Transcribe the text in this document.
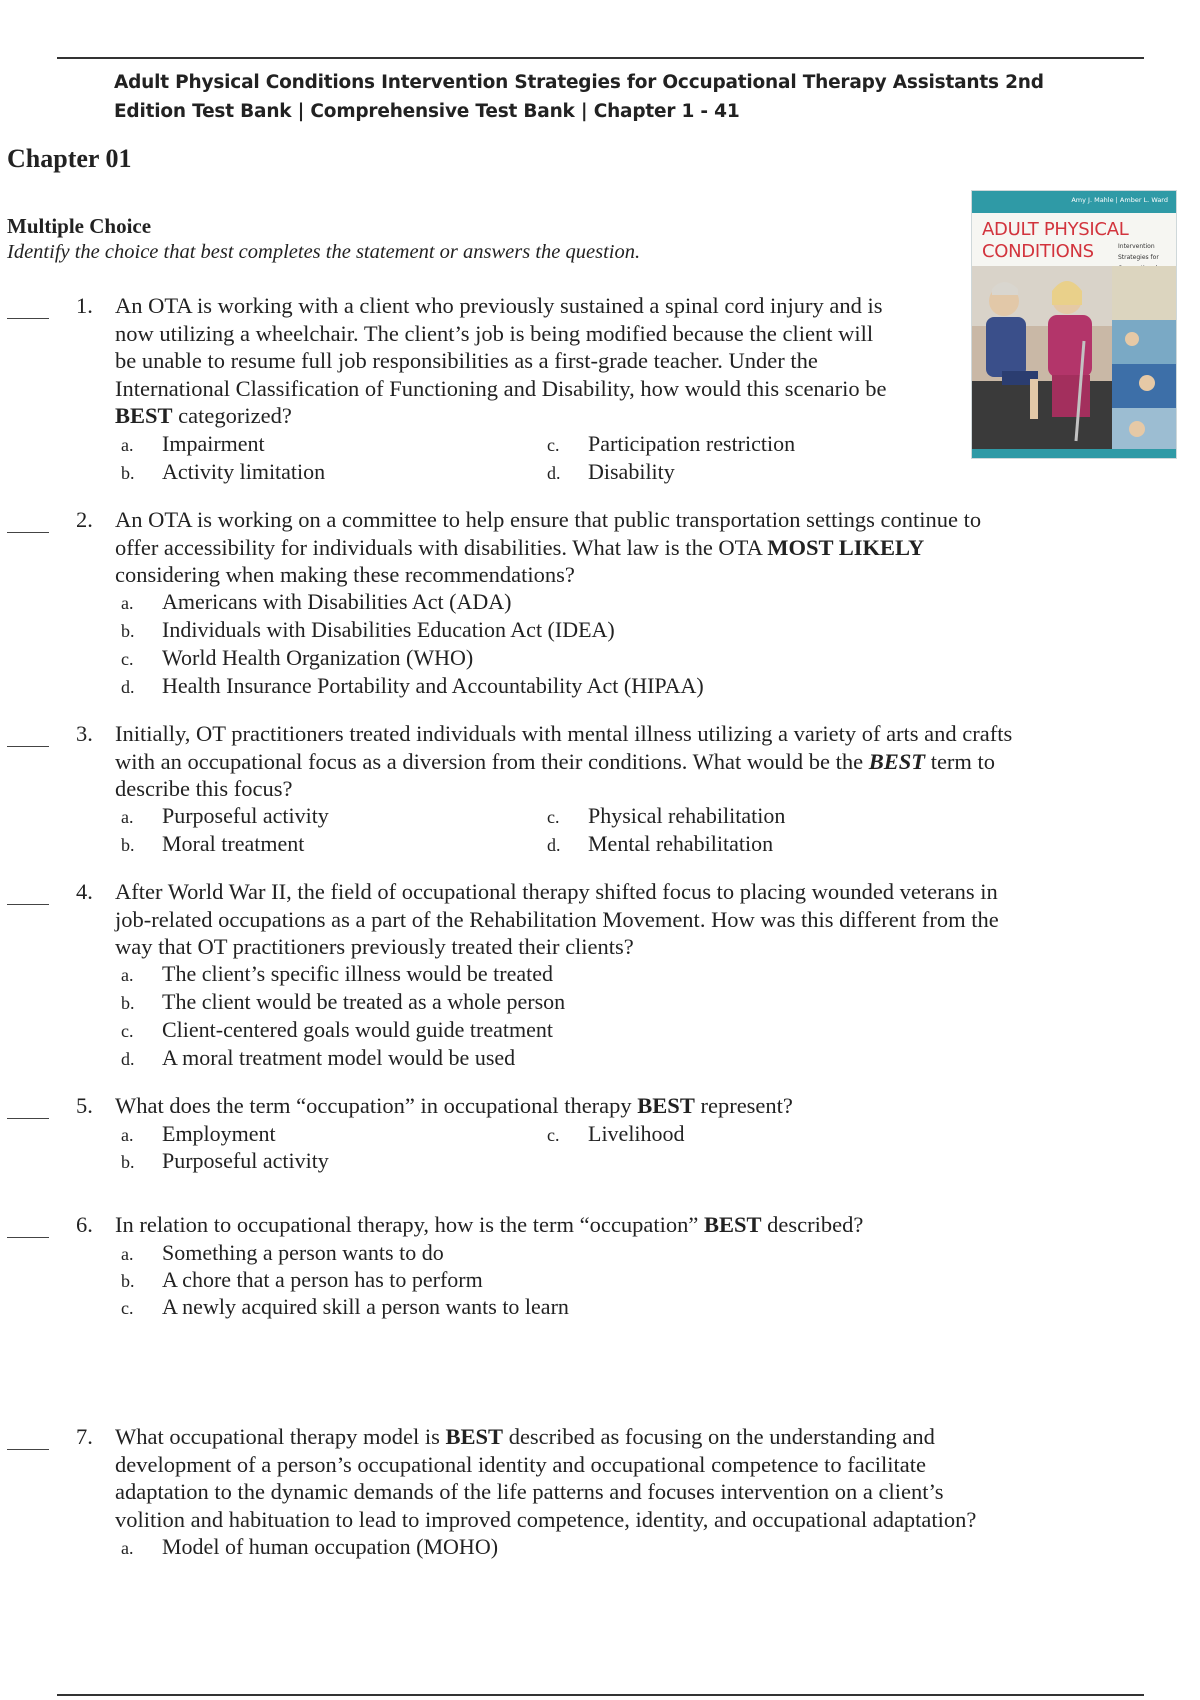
Adult Physical Conditions Intervention Strategies for Occupational Therapy Assistants 2nd Edition Test Bank | Comprehensive Test Bank | Chapter 1 - 41
Chapter 01
Multiple Choice
Identify the choice that best completes the statement or answers the question.
Amy J. Mahle | Amber L. Ward
ADULT PHYSICAL
CONDITIONS	Intervention Strategies for
1. An OTA is working with a client who previously sustained a spinal cord injury and is
now utilizing a wheelchair. The client’s job is being modified because the client will
be unable to resume full job responsibilities as a first-grade teacher. Under the
International Classification of Functioning and Disability, how would this scenario be
BEST categorized?
a. Impairment
b. Activity limitation
c. Participation restriction
d. Disability
2. An OTA is working on a committee to help ensure that public transportation settings continue to
offer accessibility for individuals with disabilities. What law is the OTA MOST LIKELY
considering when making these recommendations?
a. Americans with Disabilities Act (ADA)
b. Individuals with Disabilities Education Act (IDEA)
c. World Health Organization (WHO)
d. Health Insurance Portability and Accountability Act (HIPAA)
3. Initially, OT practitioners treated individuals with mental illness utilizing a variety of arts and crafts
with an occupational focus as a diversion from their conditions. What would be the BEST term to
describe this focus?
a. Purposeful activity
b. Moral treatment
c. Physical rehabilitation
d. Mental rehabilitation
4. After World War II, the field of occupational therapy shifted focus to placing wounded veterans in
job-related occupations as a part of the Rehabilitation Movement. How was this different from the
way that OT practitioners previously treated their clients?
a. The client’s specific illness would be treated
b. The client would be treated as a whole person
c. Client-centered goals would guide treatment
d. A moral treatment model would be used
5. What does the term “occupation” in occupational therapy BEST represent?
a. Employment
b. Purposeful activity
c. Livelihood
6. In relation to occupational therapy, how is the term “occupation” BEST described?
a. Something a person wants to do
b. A chore that a person has to perform
c. A newly acquired skill a person wants to learn
7. What occupational therapy model is BEST described as focusing on the understanding and
development of a person’s occupational identity and occupational competence to facilitate
adaptation to the dynamic demands of the life patterns and focuses intervention on a client’s
volition and habituation to lead to improved competence, identity, and occupational adaptation?
a. Model of human occupation (MOHO)
